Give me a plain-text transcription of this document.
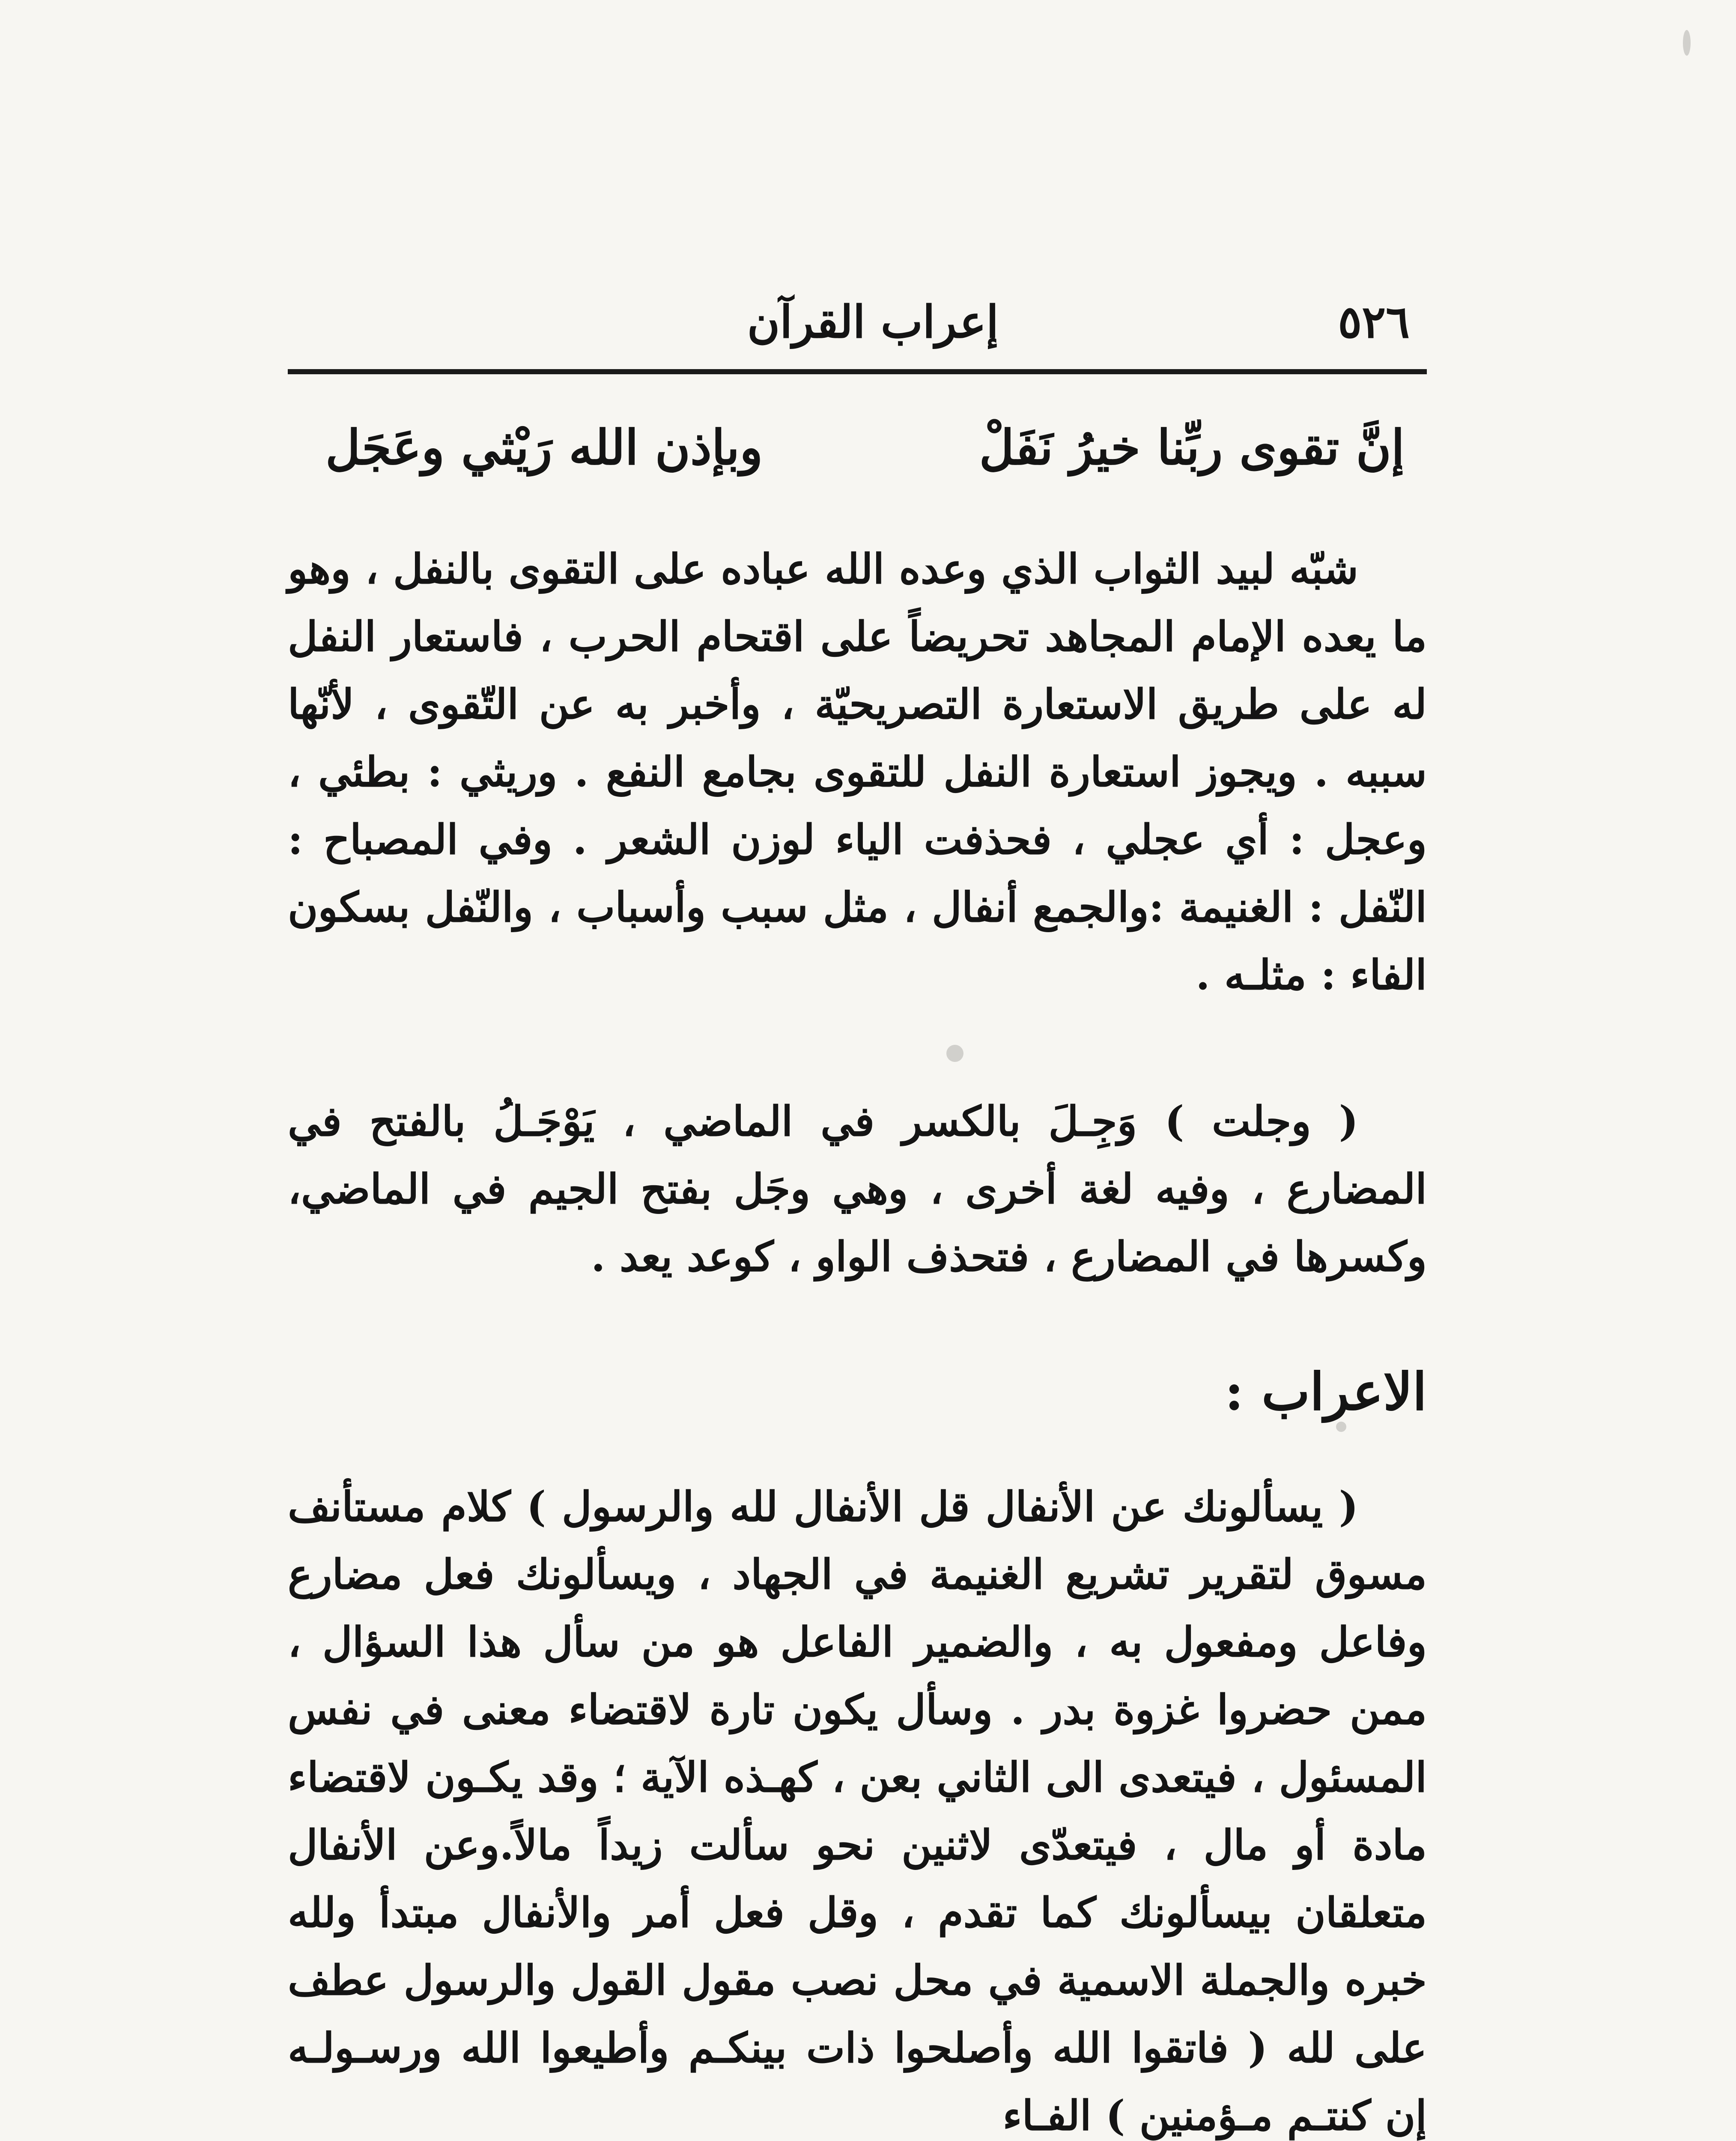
٥٢٦
إعراب القرآن
إنَّ تقوى ربِّنا خيرُ نَفَلْ
وبإذن الله رَيْثي وعَجَل

شبّه لبيد الثواب الذي وعده الله عباده على التقوى بالنفل ، وهو ما يعده الإمام المجاهد تحريضاً على اقتحام الحرب ، فاستعار النفل له على طريق الاستعارة التصريحيّة ، وأخبر به عن التّقوى ، لأنّها سببه . ويجوز استعارة النفل للتقوى بجامع النفع . وريثي : بطئي ، وعجل : أي عجلي ، فحذفت الياء لوزن الشعر . وفي المصباح : النّفل : الغنيمة :والجمع أنفال ، مثل سبب وأسباب ، والنّفل بسكون الفاء : مثلـه .

( وجلت ) وَجِـلَ بالكسر في الماضي ، يَوْجَـلُ بالفتح في المضارع ، وفيه لغة أخرى ، وهي وجَل بفتح الجيم في الماضي، وكسرها في المضارع ، فتحذف الواو ، كوعد يعد .

الاعراب :

( يسألونك عن الأنفال قل الأنفال لله والرسول ) كلام مستأنف مسوق لتقرير تشريع الغنيمة في الجهاد ، ويسألونك فعل مضارع وفاعل ومفعول به ، والضمير الفاعل هو من سأل هذا السؤال ، ممن حضروا غزوة بدر . وسأل يكون تارة لاقتضاء معنى في نفس المسئول ، فيتعدى الى الثاني بعن ، كهـذه الآية ؛ وقد يكـون لاقتضاء مادة أو مال ، فيتعدّى لاثنين نحو سألت زيداً مالاً.وعن الأنفال متعلقان بيسألونك كما تقدم ، وقل فعل أمر والأنفال مبتدأ ولله خبره والجملة الاسمية في محل نصب مقول القول والرسول عطف على لله ( فاتقوا الله وأصلحوا ذات بينكـم وأطيعوا الله ورسـولـه إن كنتـم مـؤمنين ) الفـاء
